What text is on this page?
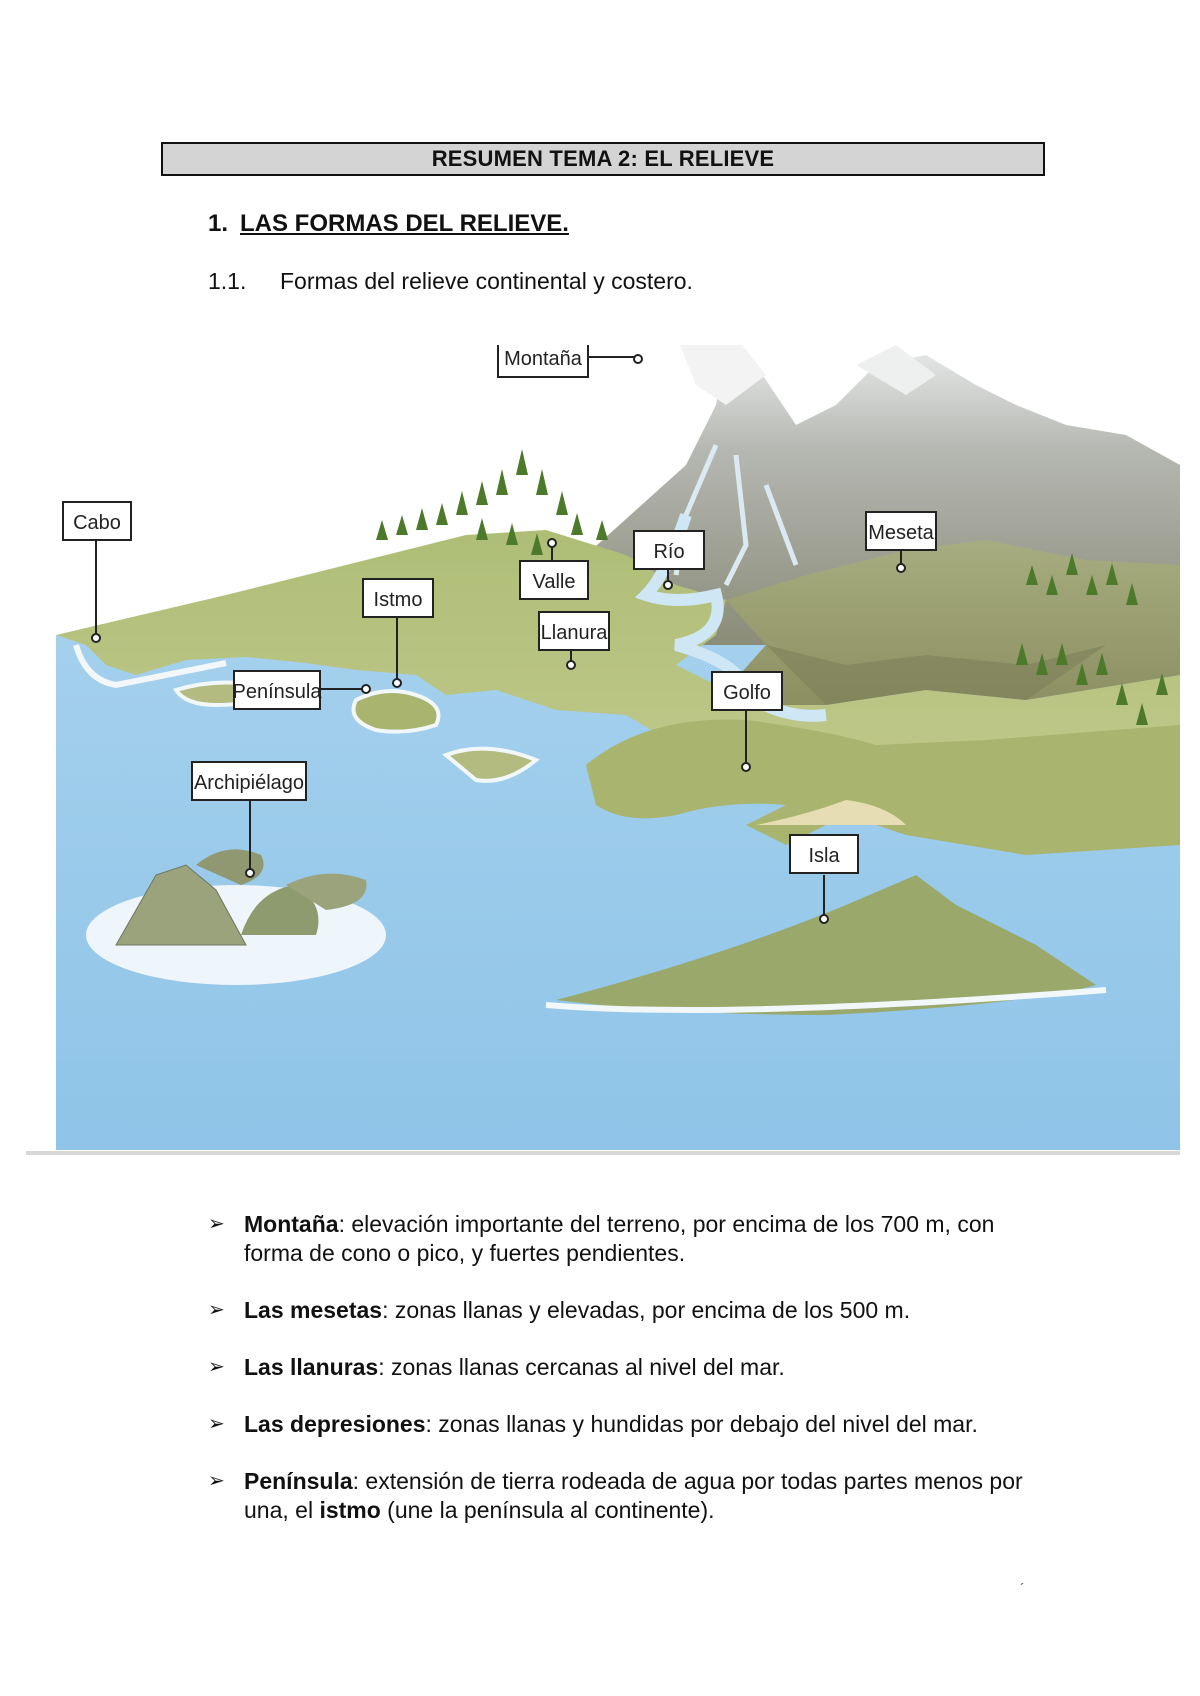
RESUMEN TEMA 2: EL RELIEVE
1. LAS FORMAS DEL RELIEVE.
1.1. Formas del relieve continental y costero.
Montaña
Cabo	Meseta
Río
Valle
Istmo
Llanura
Península	Golfo
Archipiélago
Isla
➢ Montaña: elevación importante del terreno, por encima de los 700 m, con forma de cono o pico, y fuertes pendientes.
➢ Las mesetas: zonas llanas y elevadas, por encima de los 500 m.
➢ Las llanuras: zonas llanas cercanas al nivel del mar.
➢ Las depresiones: zonas llanas y hundidas por debajo del nivel del mar.
➢ Península: extensión de tierra rodeada de agua por todas partes menos por una, el istmo (une la península al continente).
´
